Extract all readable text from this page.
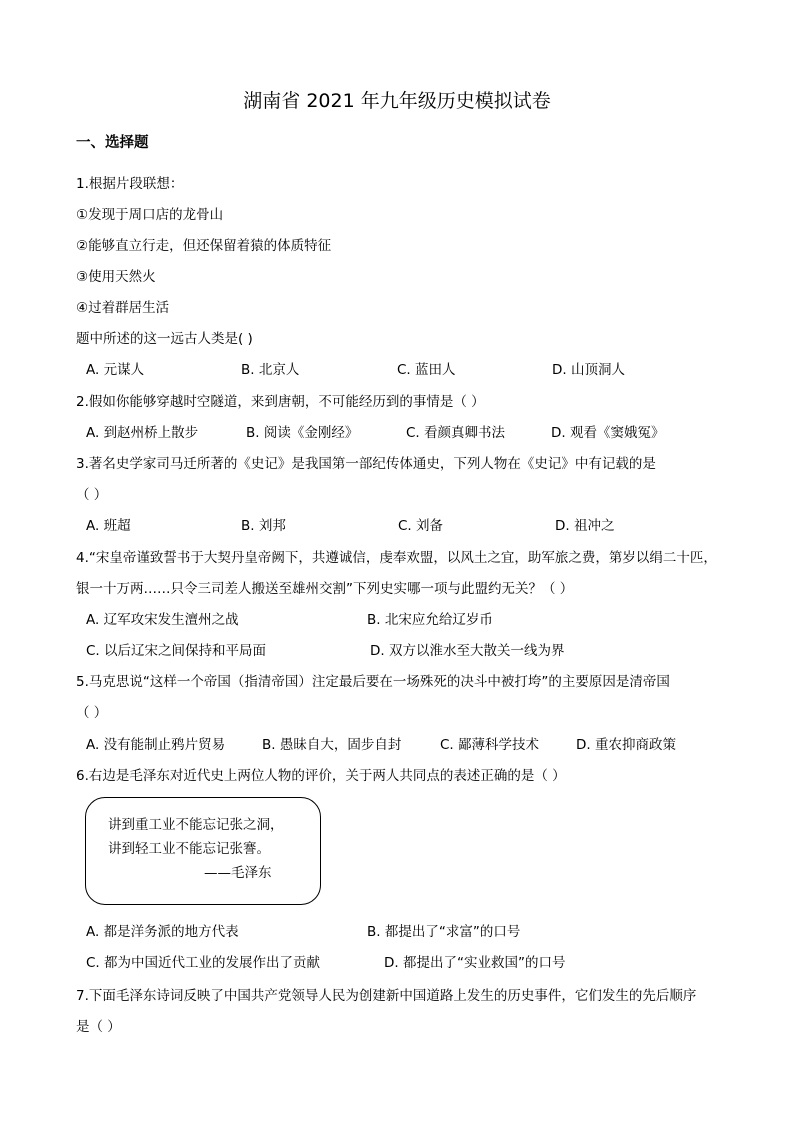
湖南省 2021 年九年级历史模拟试卷
一、选择题
1.根据片段联想：
①发现于周口店的龙骨山
②能够直立行走，但还保留着猿的体质特征
③使用天然火
④过着群居生活
题中所述的这一远古人类是( )
A. 元谋人	B. 北京人	C. 蓝田人	D. 山顶洞人
2.假如你能够穿越时空隧道，来到唐朝，不可能经历到的事情是（ ）
A. 到赵州桥上散步	B. 阅读《金刚经》	C. 看颜真卿书法	D. 观看《窦娥冤》
3.著名史学家司马迁所著的《史记》是我国第一部纪传体通史，下列人物在《史记》中有记载的是
（ ）
A. 班超	B. 刘邦	C. 刘备	D. 祖冲之
4.“宋皇帝谨致誓书于大契丹皇帝阙下，共遵诚信，虔奉欢盟，以风土之宜，助军旅之费，第岁以绢二十匹，
银一十万两……只令三司差人搬送至雄州交割”下列史实哪一项与此盟约无关？（ ）
A. 辽军攻宋发生澶州之战	B. 北宋应允给辽岁币
C. 以后辽宋之间保持和平局面	D. 双方以淮水至大散关一线为界
5.马克思说“这样一个帝国（指清帝国）注定最后要在一场殊死的决斗中被打垮”的主要原因是清帝国
（ ）
A. 没有能制止鸦片贸易	B. 愚昧自大，固步自封	C. 鄙薄科学技术	D. 重农抑商政策
6.右边是毛泽东对近代史上两位人物的评价，关于两人共同点的表述正确的是（ ）
讲到重工业不能忘记张之洞，
讲到轻工业不能忘记张謇。
——毛泽东
A. 都是洋务派的地方代表	B. 都提出了“求富”的口号
C. 都为中国近代工业的发展作出了贡献	D. 都提出了“实业救国”的口号
7.下面毛泽东诗词反映了中国共产党领导人民为创建新中国道路上发生的历史事件，它们发生的先后顺序
是（ ）
